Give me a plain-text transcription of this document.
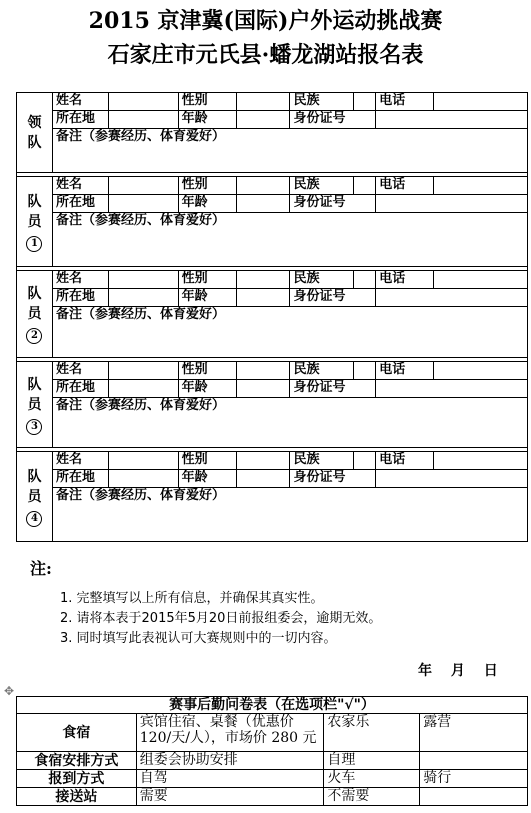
2015 京津冀(国际)户外运动挑战赛
石家庄市元氏县·蟠龙湖站报名表
领
队	姓名		性别		民族		电话	
	所在地		年龄		身份证号			
	备注（参赛经历、体育爱好）							

队
员
1	姓名		性别		民族		电话	
	所在地		年龄		身份证号			
	备注（参赛经历、体育爱好）							

队
员
2	姓名		性别		民族		电话	
	所在地		年龄		身份证号			
	备注（参赛经历、体育爱好）							

队
员
3	姓名		性别		民族		电话	
	所在地		年龄		身份证号			
	备注（参赛经历、体育爱好）							

队
员
4	姓名		性别		民族		电话	
	所在地		年龄		身份证号			
	备注（参赛经历、体育爱好）							
注:
1. 完整填写以上所有信息，并确保其真实性。
2. 请将本表于2015年5月20日前报组委会，逾期无效。
3. 同时填写此表视认可大赛规则中的一切内容。
年 月 日
✥
赛事后勤问卷表（在选项栏"√"）			
食宿	宾馆住宿、桌餐（优惠价120/天/人），市场价 280 元	农家乐	露营
食宿安排方式	组委会协助安排	自理	
报到方式	自驾	火车	骑行
接送站	需要	不需要	
